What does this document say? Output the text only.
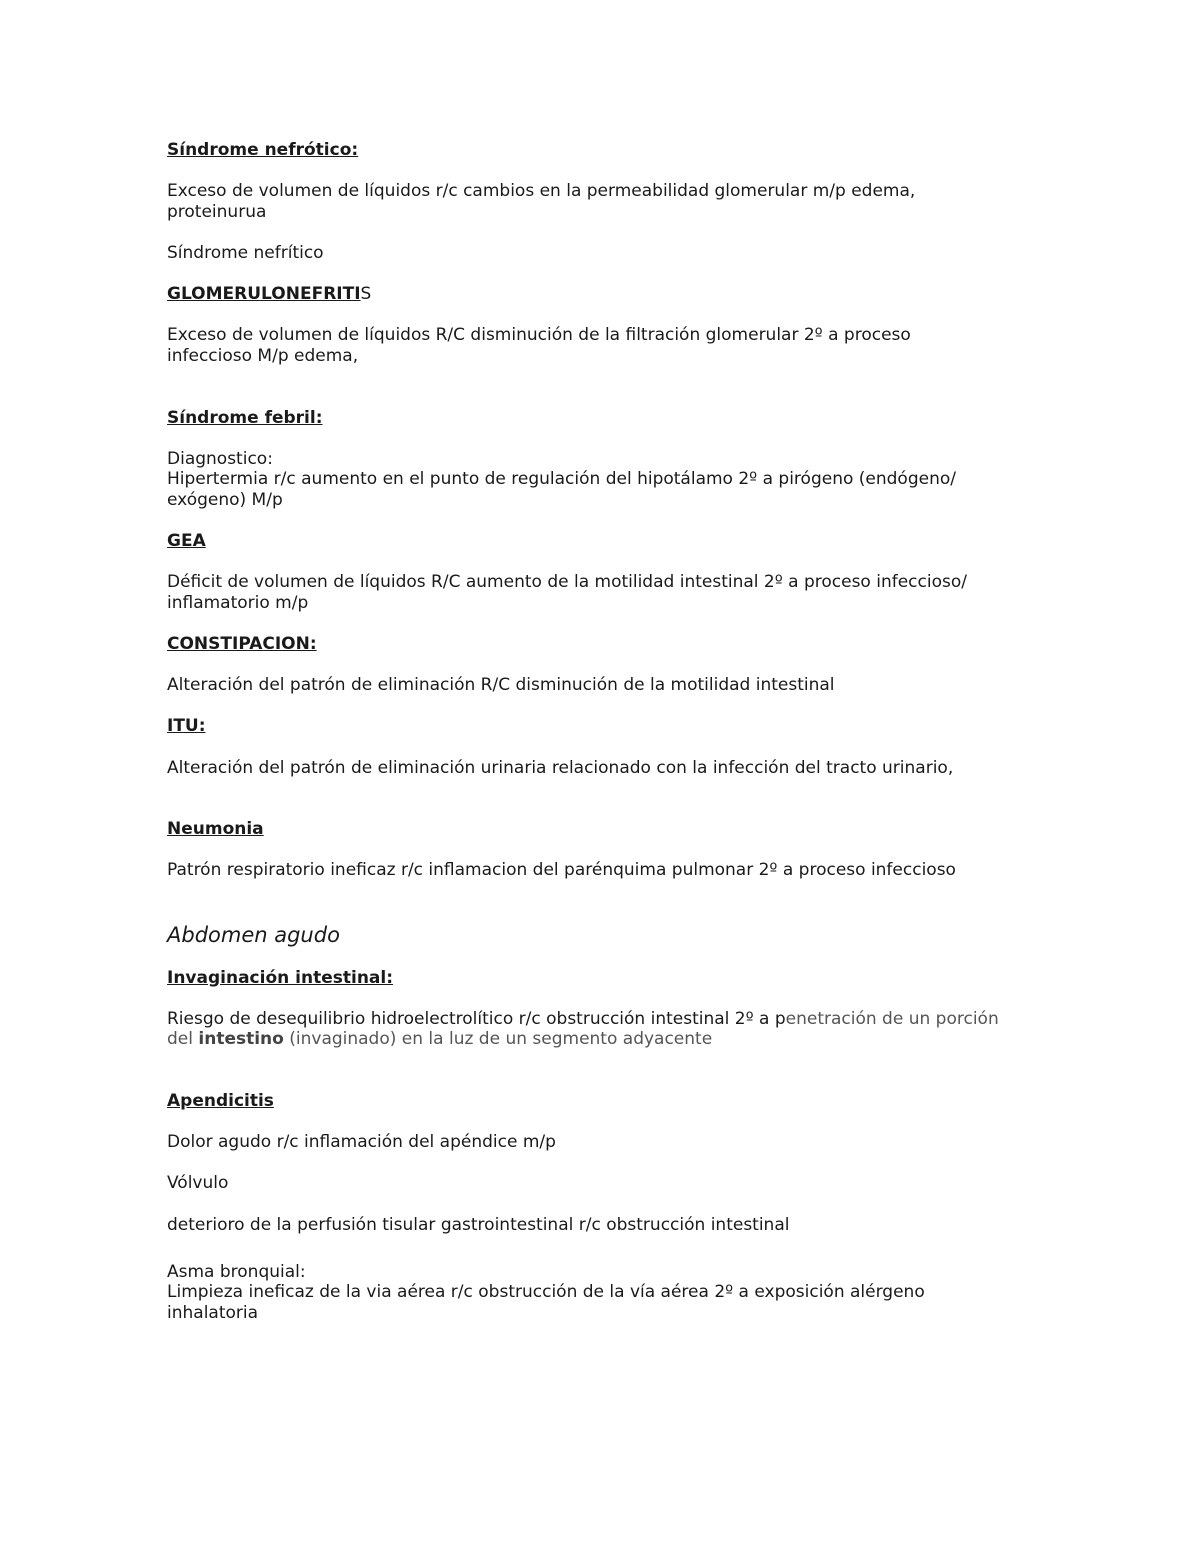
Síndrome nefrótico:

Exceso de volumen de líquidos r/c cambios en la permeabilidad glomerular m/p edema,

proteinurua

Síndrome nefrítico

GLOMERULONEFRITIS

Exceso de volumen de líquidos R/C disminución de la filtración glomerular 2º a proceso

infeccioso M/p edema,

Síndrome febril:

Diagnostico:

Hipertermia r/c aumento en el punto de regulación del hipotálamo 2º a pirógeno (endógeno/

exógeno) M/p

GEA

Déficit de volumen de líquidos R/C aumento de la motilidad intestinal 2º a proceso infeccioso/

inflamatorio m/p

CONSTIPACION:

Alteración del patrón de eliminación R/C disminución de la motilidad intestinal

ITU:

Alteración del patrón de eliminación urinaria relacionado con la infección del tracto urinario,

Neumonia

Patrón respiratorio ineficaz r/c inflamacion del parénquima pulmonar 2º a proceso infeccioso

Abdomen agudo

Invaginación intestinal:

Riesgo de desequilibrio hidroelectrolítico r/c obstrucción intestinal 2º a penetración de un porción

del intestino (invaginado) en la luz de un segmento adyacente

Apendicitis

Dolor agudo r/c inflamación del apéndice m/p

Vólvulo

deterioro de la perfusión tisular gastrointestinal r/c obstrucción intestinal

Asma bronquial:

Limpieza ineficaz de la via aérea r/c obstrucción de la vía aérea 2º a exposición alérgeno

inhalatoria
